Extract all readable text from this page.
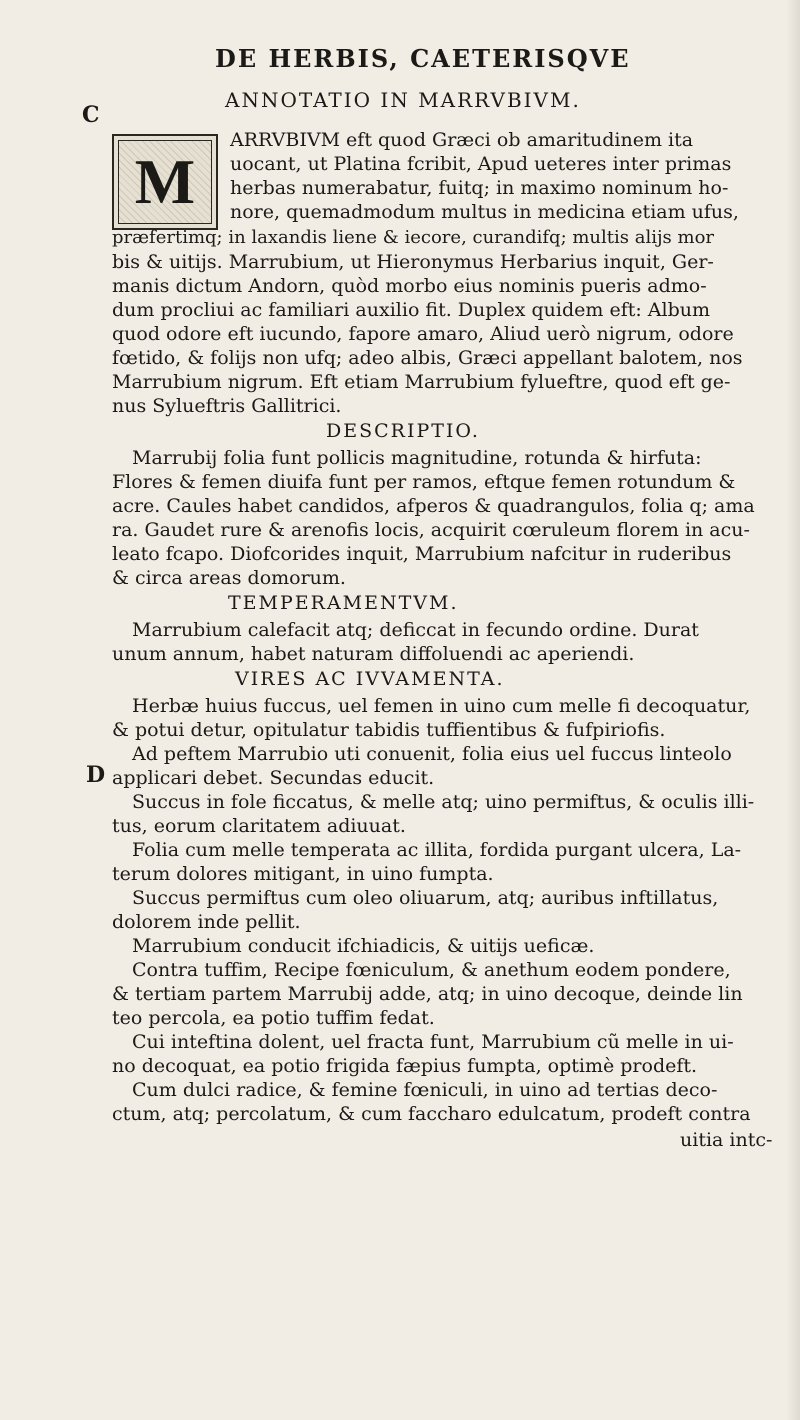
DE HERBIS, CAETERISQVE
ANNOTATIO IN MARRVBIVM.
C
D
M
ARRVBIVM eft quod Græci ob amaritudinem ita
uocant, ut Platina fcribit, Apud ueteres inter primas
herbas numerabatur, fuitq; in maximo nominum ho-
nore, quemadmodum multus in medicina etiam ufus,
præfertimq; in laxandis liene & iecore, curandifq; multis alijs mor
bis & uitijs. Marrubium, ut Hieronymus Herbarius inquit, Ger-
manis dictum Andorn, quòd morbo eius nominis pueris admo-
dum procliui ac familiari auxilio fit. Duplex quidem eft: Album
quod odore eft iucundo, fapore amaro, Aliud uerò nigrum, odore
fœtido, & folijs non ufq; adeo albis, Græci appellant balotem, nos
Marrubium nigrum. Eft etiam Marrubium fylueftre, quod eft ge-
nus Sylueftris Gallitrici.
DESCRIPTIO.
Marrubij folia funt pollicis magnitudine, rotunda & hirfuta:
Flores & femen diuifa funt per ramos, eftque femen rotundum &
acre. Caules habet candidos, afperos & quadrangulos, folia q; ama
ra. Gaudet rure & arenofis locis, acquirit cœruleum florem in acu-
leato fcapo. Diofcorides inquit, Marrubium nafcitur in ruderibus
& circa areas domorum.
TEMPERAMENTVM.
Marrubium calefacit atq; deficcat in fecundo ordine. Durat
unum annum, habet naturam diffoluendi ac aperiendi.
VIRES AC IVVAMENTA.
Herbæ huius fuccus, uel femen in uino cum melle fi decoquatur,
& potui detur, opitulatur tabidis tuffientibus & fufpiriofis.
Ad peftem Marrubio uti conuenit, folia eius uel fuccus linteolo
applicari debet. Secundas educit.
Succus in fole ficcatus, & melle atq; uino permiftus, & oculis illi-
tus, eorum claritatem adiuuat.
Folia cum melle temperata ac illita, fordida purgant ulcera, La-
terum dolores mitigant, in uino fumpta.
Succus permiftus cum oleo oliuarum, atq; auribus inftillatus,
dolorem inde pellit.
Marrubium conducit ifchiadicis, & uitijs ueficæ.
Contra tuffim, Recipe fœniculum, & anethum eodem pondere,
& tertiam partem Marrubij adde, atq; in uino decoque, deinde lin
teo percola, ea potio tuffim fedat.
Cui inteftina dolent, uel fracta funt, Marrubium cũ melle in ui-
no decoquat, ea potio frigida fæpius fumpta, optimè prodeft.
Cum dulci radice, & femine fœniculi, in uino ad tertias deco-
ctum, atq; percolatum, & cum faccharo edulcatum, prodeft contra
uitia intc-
